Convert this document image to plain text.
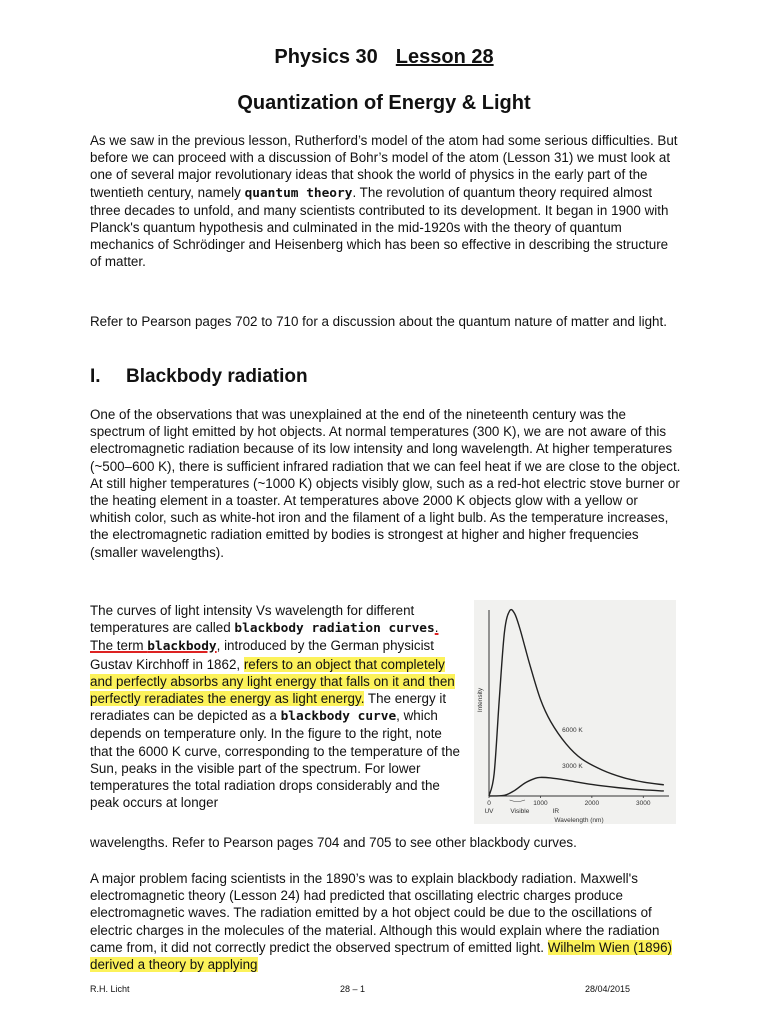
Physics 30 Lesson 28
Quantization of Energy & Light
As we saw in the previous lesson, Rutherford’s model of the atom had some serious difficulties. But before we can proceed with a discussion of Bohr’s model of the atom (Lesson 31) we must look at one of several major revolutionary ideas that shook the world of physics in the early part of the twentieth century, namely quantum theory. The revolution of quantum theory required almost three decades to unfold, and many scientists contributed to its development. It began in 1900 with Planck's quantum hypothesis and culminated in the mid-1920s with the theory of quantum mechanics of Schrödinger and Heisenberg which has been so effective in describing the structure of matter.
Refer to Pearson pages 702 to 710 for a discussion about the quantum nature of matter and light.
I. Blackbody radiation
One of the observations that was unexplained at the end of the nineteenth century was the spectrum of light emitted by hot objects. At normal temperatures (300 K), we are not aware of this electromagnetic radiation because of its low intensity and long wavelength. At higher temperatures (~500–600 K), there is sufficient infrared radiation that we can feel heat if we are close to the object. At still higher temperatures (~1000 K) objects visibly glow, such as a red-hot electric stove burner or the heating element in a toaster. At temperatures above 2000 K objects glow with a yellow or whitish color, such as white-hot iron and the filament of a light bulb. As the temperature increases, the electromagnetic radiation emitted by bodies is strongest at higher and higher frequencies (smaller wavelengths).
The curves of light intensity Vs wavelength for different temperatures are called blackbody radiation curves. The term blackbody, introduced by the German physicist Gustav Kirchhoff in 1862, refers to an object that completely and perfectly absorbs any light energy that falls on it and then perfectly reradiates the energy as light energy. The energy it reradiates can be depicted as a blackbody curve, which depends on temperature only. In the figure to the right, note that the 6000 K curve, corresponding to the temperature of the Sun, peaks in the visible part of the spectrum. For lower temperatures the total radiation drops considerably and the peak occurs at longer
wavelengths. Refer to Pearson pages 704 and 705 to see other blackbody curves.
0	1000	2000	3000
UV	Visible	IR
Wavelength (nm)
Intensity
6000 K
3000 K
A major problem facing scientists in the 1890’s was to explain blackbody radiation. Maxwell's electromagnetic theory (Lesson 24) had predicted that oscillating electric charges produce electromagnetic waves. The radiation emitted by a hot object could be due to the oscillations of electric charges in the molecules of the material. Although this would explain where the radiation came from, it did not correctly predict the observed spectrum of emitted light. Wilhelm Wien (1896) derived a theory by applying
R.H. Licht	28 – 1	28/04/2015
